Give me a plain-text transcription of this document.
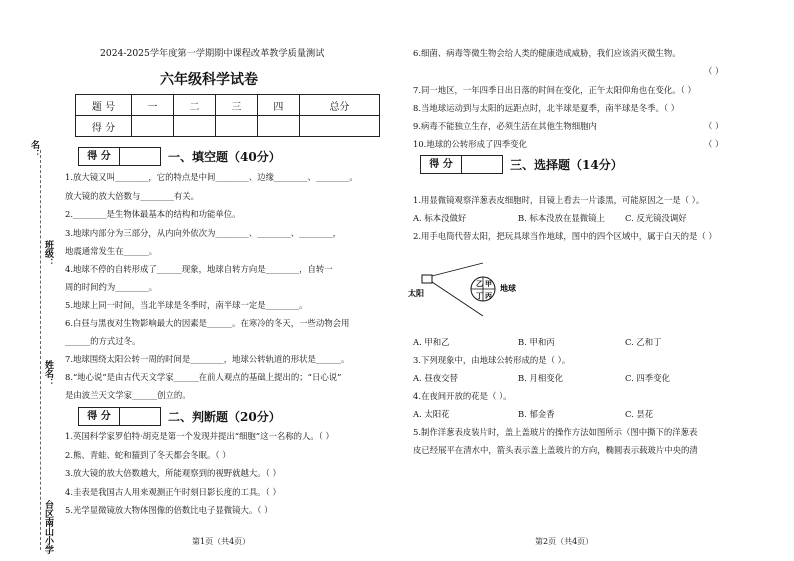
名：
班级：
姓名：
台区南山小学
2024-2025学年度第一学期期中课程改革教学质量测试
六年级科学试卷
题 号	一	二	三	四	总分
得 分					
得 分	一、填空题（40分）
1.放大镜又叫________，它的特点是中间________、边缘________、________。
放大镜的放大倍数与________有关。
2.________是生物体最基本的结构和功能单位。
3.地球内部分为三部分，从内向外依次为________、________、________，
地震通常发生在______。
4.地球不停的自转形成了______现象，地球自转方向是________，自转一
周的时间约为________。
5.地球上同一时间，当北半球是冬季时，南半球一定是________。
6.白昼与黑夜对生物影响最大的因素是______。在寒冷的冬天，一些动物会用
______的方式过冬。
7.地球围绕太阳公转一周的时间是________，地球公转轨道的形状是______。
8.“地心说”是由古代天文学家______在前人观点的基础上提出的；“日心说”
是由波兰天文学家______创立的。
得 分	二、判断题（20分）
1.英国科学家罗伯特·胡克是第一个发现并提出“细胞”这一名称的人。（ ）
2.熊、青蛙、蛇和猫到了冬天都会冬眠。（ ）
3.放大镜的放大倍数越大，所能观察到的视野就越大。（ ）
4.圭表是我国古人用来观测正午时刻日影长度的工具。（ ）
5.光学显微镜放大物体图像的倍数比电子显微镜大。（ ）
第1页（共4页）
6.细菌、病毒等微生物会给人类的健康造成威胁，我们应该消灭微生物。
（ ）
7.同一地区，一年四季日出日落的时间在变化，正午太阳仰角也在变化。（ ）
8.当地球运动到与太阳的远距点时，北半球是夏季，南半球是冬季。（ ）
9.病毒不能独立生存，必须生活在其他生物细胞内	（ ）
10.地球的公转形成了四季变化	（ ）
得 分	三、选择题（14分）
1.用显微镜观察洋葱表皮细胞时，目镜上看去一片漆黑，可能原因之一是（ ）。
A. 标本没做好	B. 标本没放在显微镜上 C. 反光镜没调好
2.用手电筒代替太阳，把玩具球当作地球，图中的四个区域中，属于白天的是（ ）
乙 甲
丁 丙
太阳	地球
A. 甲和乙	B. 甲和丙	C. 乙和丁
3.下列现象中，由地球公转形成的是（ ）。
A. 昼夜交替	B. 月相变化	C. 四季变化
4.在夜间开放的花是（ ）。
A. 太阳花	B. 郁金香	C. 昙花
5.制作洋葱表皮装片时，盖上盖玻片的操作方法如图所示（图中撕下的洋葱表
皮已经展平在清水中，箭头表示盖上盖玻片的方向，椭圆表示载玻片中央的清
第2页（共4页）
